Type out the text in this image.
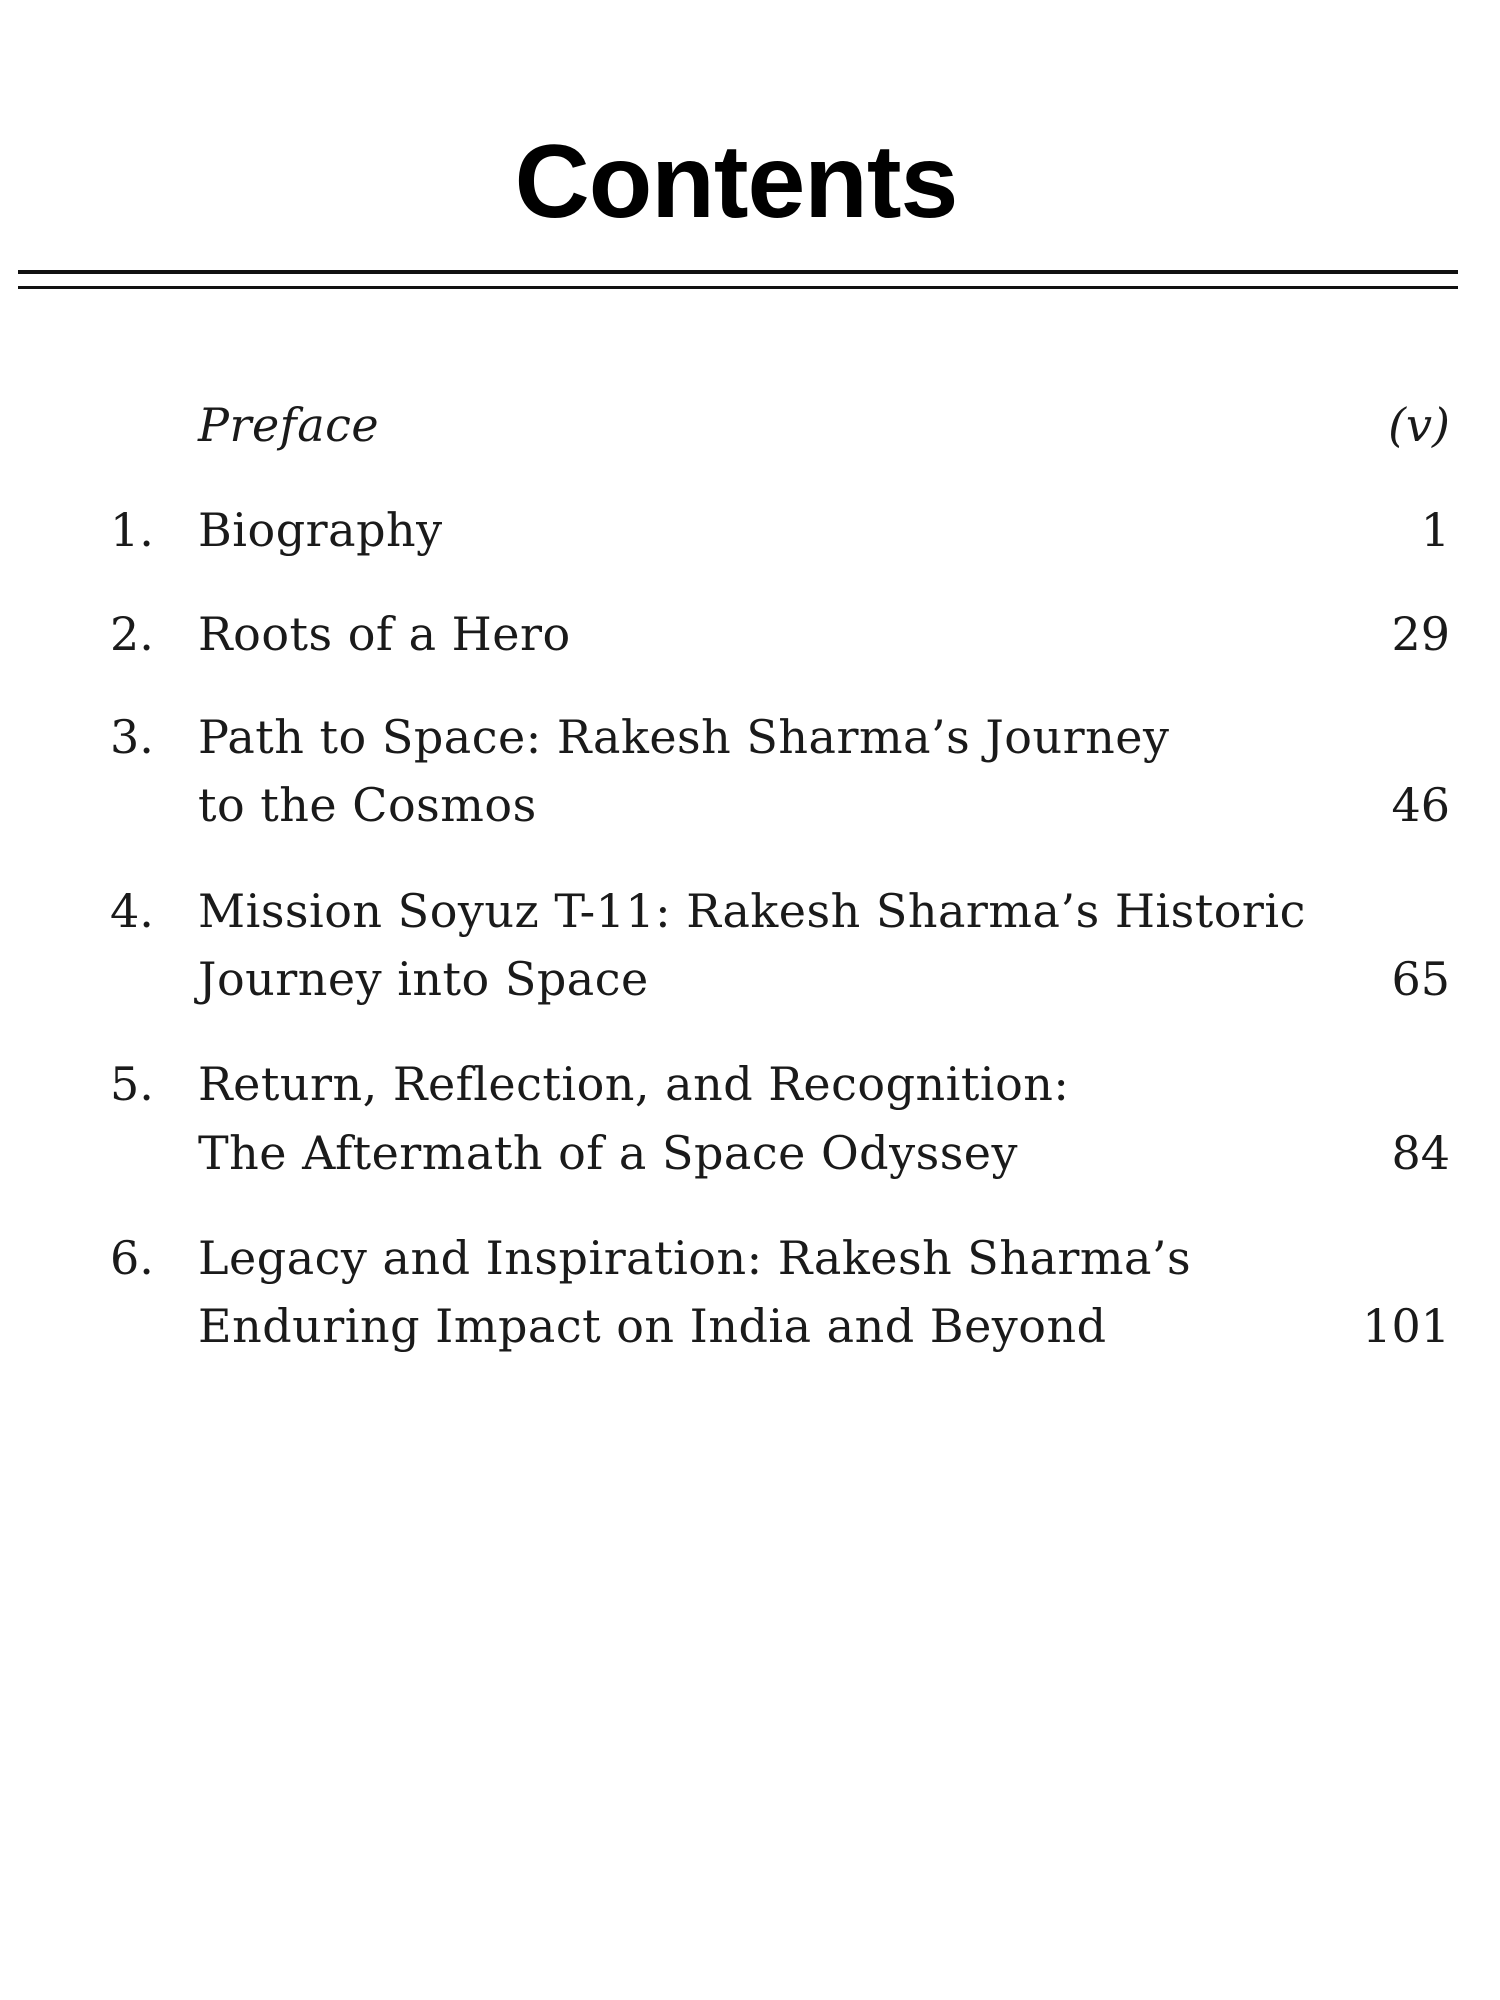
Contents
Preface	(v)
1. Biography	1
2. Roots of a Hero	29
3. Path to Space: Rakesh Sharma’s Journey
to the Cosmos	46
4. Mission Soyuz T-11: Rakesh Sharma’s Historic
Journey into Space	65
5. Return, Reflection, and Recognition:
The Aftermath of a Space Odyssey	84
6. Legacy and Inspiration: Rakesh Sharma’s
Enduring Impact on India and Beyond	101
